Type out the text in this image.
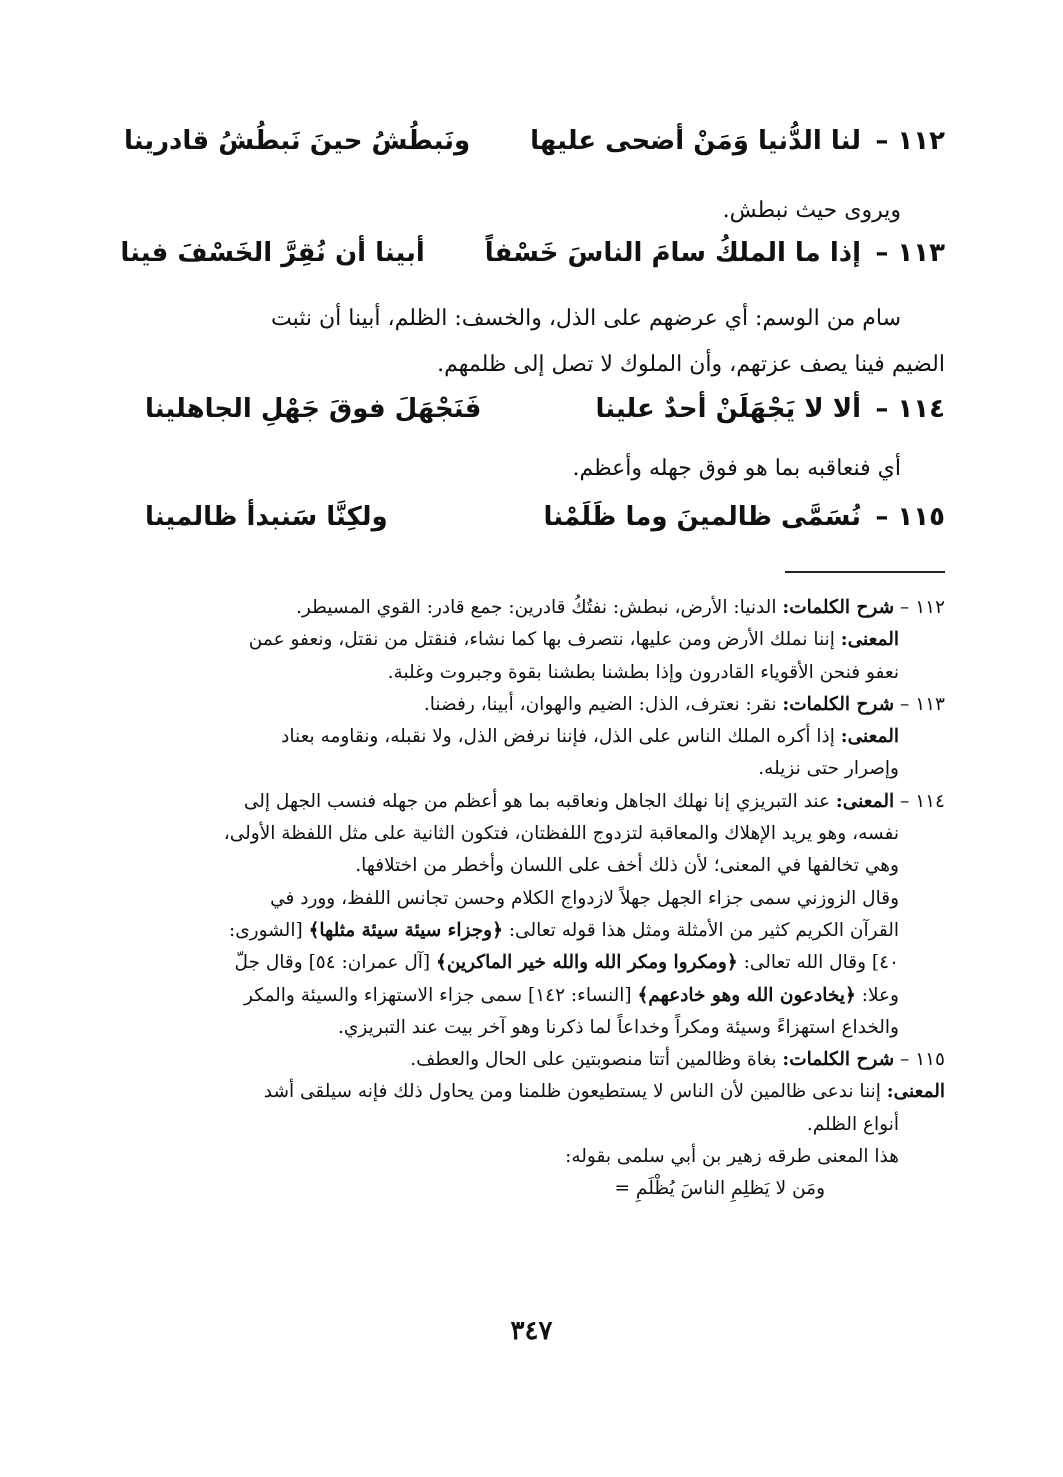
١١٢ –
لنا الدُّنيا وَمَنْ أضحى عليها
ونَبطُشُ حينَ نَبطُشُ قادرينا
ويروى حيث نبطش.
١١٣ –
إذا ما الملكُ سامَ الناسَ خَسْفاً
أبينا أن نُقِرَّ الخَسْفَ فينا
سام من الوسم: أي عرضهم على الذل، والخسف: الظلم، أبينا أن نثبت
الضيم فينا يصف عزتهم، وأن الملوك لا تصل إلى ظلمهم.
١١٤ –
ألا لا يَجْهَلَنْ أحدٌ علينا
فَنَجْهَلَ فوقَ جَهْلِ الجاهلينا
أي فنعاقبه بما هو فوق جهله وأعظم.
١١٥ –
نُسَمَّى ظالمينَ وما ظَلَمْنا
ولكِنَّا سَنبدأ ظالمينا
١١٢ – شرح الكلمات: الدنيا: الأرض، نبطش: نفتُكُ قادرين: جمع قادر: القوي المسيطر.
المعنى: إننا نملك الأرض ومن عليها، نتصرف بها كما نشاء، فنقتل من نقتل، ونعفو عمن
نعفو فنحن الأقوياء القادرون وإذا بطشنا بطشنا بقوة وجبروت وغلبة.
١١٣ – شرح الكلمات: نقر: نعترف، الذل: الضيم والهوان، أبينا، رفضنا.
المعنى: إذا أكره الملك الناس على الذل، فإننا نرفض الذل، ولا نقبله، ونقاومه بعناد
وإصرار حتى نزيله.
١١٤ – المعنى: عند التبريزي إنا نهلك الجاهل ونعاقبه بما هو أعظم من جهله فنسب الجهل إلى
نفسه، وهو يريد الإهلاك والمعاقبة لتزدوج اللفظتان، فتكون الثانية على مثل اللفظة الأولى،
وهي تخالفها في المعنى؛ لأن ذلك أخف على اللسان وأخطر من اختلافها.
وقال الزوزني سمى جزاء الجهل جهلاً لازدواج الكلام وحسن تجانس اللفظ، وورد في
القرآن الكريم كثير من الأمثلة ومثل هذا قوله تعالى: ﴿وجزاء سيئة سيئة مثلها﴾ [الشورى:
٤٠] وقال الله تعالى: ﴿ومكروا ومكر الله والله خير الماكرين﴾ [آل عمران: ٥٤] وقال جلّ
وعلا: ﴿يخادعون الله وهو خادعهم﴾ [النساء: ١٤٢] سمى جزاء الاستهزاء والسيئة والمكر
والخداع استهزاءً وسيئة ومكراً وخداعاً لما ذكرنا وهو آخر بيت عند التبريزي.
١١٥ – شرح الكلمات: بغاة وظالمين أتتا منصوبتين على الحال والعطف.
المعنى: إننا ندعى ظالمين لأن الناس لا يستطيعون ظلمنا ومن يحاول ذلك فإنه سيلقى أشد
أنواع الظلم.
هذا المعنى طرقه زهير بن أبي سلمى بقوله:
ومَن لا يَظلِمِ الناسَ يُظْلَمِ =
٣٤٧
